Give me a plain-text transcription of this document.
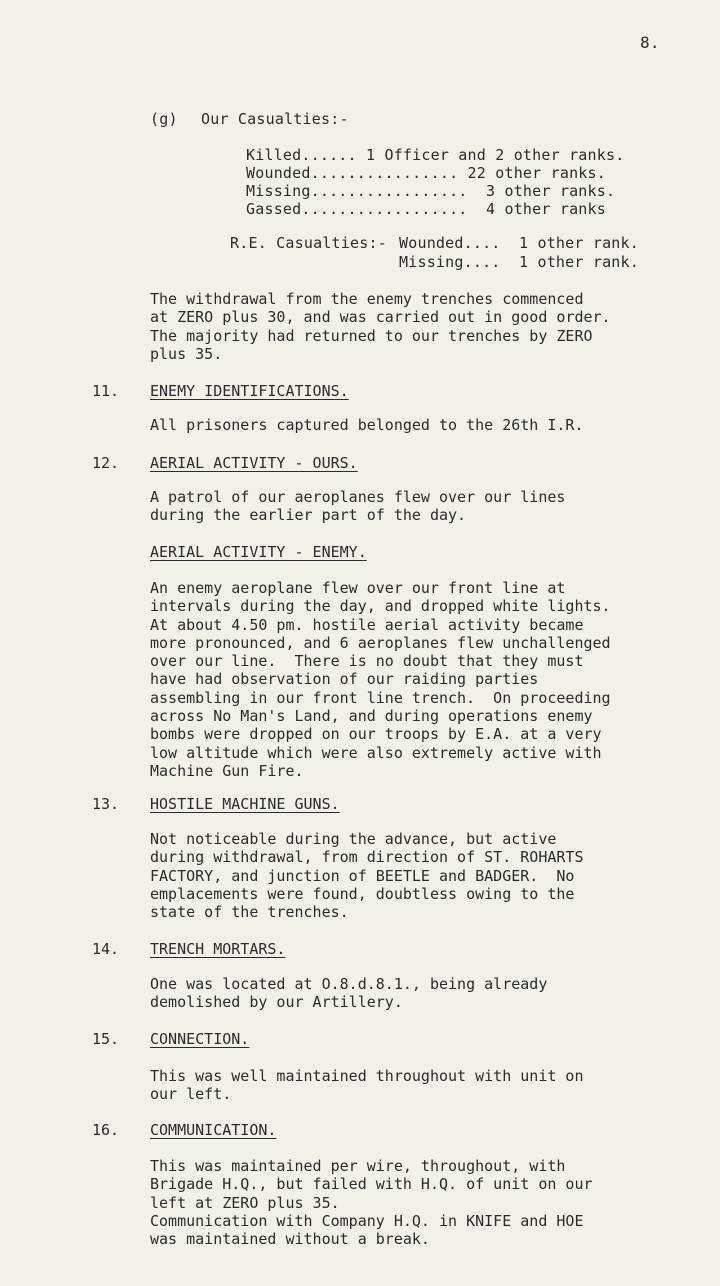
8.
(g) Our Casualties:-
Killed...... 1 Officer and 2 other ranks.
Wounded................ 22 other ranks.
Missing.................  3 other ranks.
Gassed..................  4 other ranks
R.E. Casualties:- Wounded....  1 other rank.
Missing....  1 other rank.
The withdrawal from the enemy trenches commenced
at ZERO plus 30, and was carried out in good order.
The majority had returned to our trenches by ZERO
plus 35.
11. ENEMY IDENTIFICATIONS.
All prisoners captured belonged to the 26th I.R.
12. AERIAL ACTIVITY - OURS.
A patrol of our aeroplanes flew over our lines
during the earlier part of the day.
AERIAL ACTIVITY - ENEMY.
An enemy aeroplane flew over our front line at
intervals during the day, and dropped white lights.
At about 4.50 pm. hostile aerial activity became
more pronounced, and 6 aeroplanes flew unchallenged
over our line.  There is no doubt that they must
have had observation of our raiding parties
assembling in our front line trench.  On proceeding
across No Man's Land, and during operations enemy
bombs were dropped on our troops by E.A. at a very
low altitude which were also extremely active with
Machine Gun Fire.
13. HOSTILE MACHINE GUNS.
Not noticeable during the advance, but active
during withdrawal, from direction of ST. ROHARTS
FACTORY, and junction of BEETLE and BADGER.  No
emplacements were found, doubtless owing to the
state of the trenches.
14. TRENCH MORTARS.
One was located at O.8.d.8.1., being already
demolished by our Artillery.
15. CONNECTION.
This was well maintained throughout with unit on
our left.
16. COMMUNICATION.
This was maintained per wire, throughout, with
Brigade H.Q., but failed with H.Q. of unit on our
left at ZERO plus 35.
Communication with Company H.Q. in KNIFE and HOE
was maintained without a break.
